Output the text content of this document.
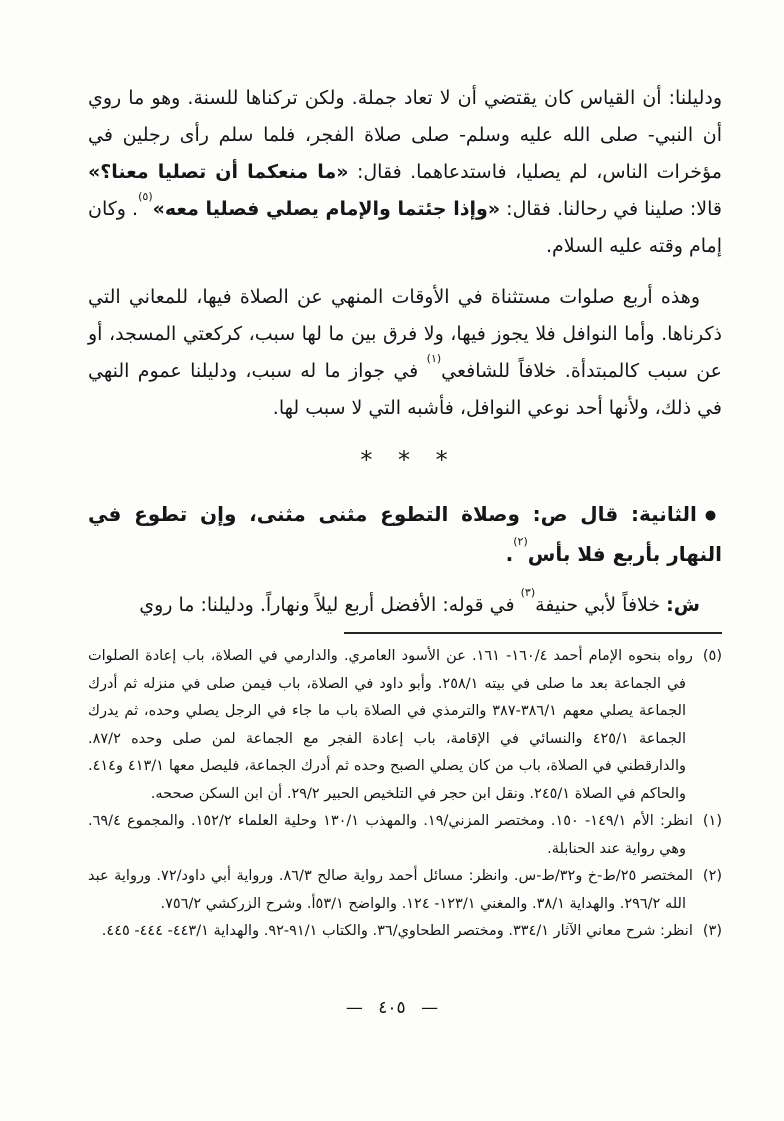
ودليلنا: أن القياس كان يقتضي أن لا تعاد جملة. ولكن تركناها للسنة. وهو ما روي أن النبي- صلى الله عليه وسلم- صلى صلاة الفجر، فلما سلم رأى رجلين في مؤخرات الناس، لم يصليا، فاستدعاهما. فقال: «ما منعكما أن تصليا معنا؟» قالا: صلينا في رحالنا. فقال: «وإذا جئتما والإمام يصلي فصليا معه»$^{(٥)}$. وكان إمام وقته عليه السلام.

وهذه أربع صلوات مستثناة في الأوقات المنهي عن الصلاة فيها، للمعاني التي ذكرناها. وأما النوافل فلا يجوز فيها، ولا فرق بين ما لها سبب، كركعتي المسجد، أو عن سبب كالمبتدأة. خلافاً للشافعي$^{(١)}$ في جواز ما له سبب، ودليلنا عموم النهي في ذلك، ولأنها أحد نوعي النوافل، فأشبه التي لا سبب لها.

* * *

●الثانية: قال ص: وصلاة التطوع مثنى مثنى، وإن تطوع في النهار بأربع فلا بأس$^{(٢)}$.

ش: خلافاً لأبي حنيفة$^{(٣)}$ في قوله: الأفضل أربع ليلاً ونهاراً. ودليلنا: ما روي

(٥)رواه بنحوه الإمام أحمد ١٦٠/٤- ١٦١. عن الأسود العامري. والدارمي في الصلاة، باب إعادة الصلوات في الجماعة بعد ما صلى في بيته ٢٥٨/١. وأبو داود في الصلاة، باب فيمن صلى في منزله ثم أدرك الجماعة يصلي معهم ٣٨٦/١-٣٨٧ والترمذي في الصلاة باب ما جاء في الرجل يصلي وحده، ثم يدرك الجماعة ٤٢٥/١ والنسائي في الإقامة، باب إعادة الفجر مع الجماعة لمن صلى وحده ٨٧/٢. والدارقطني في الصلاة، باب من كان يصلي الصبح وحده ثم أدرك الجماعة، فليصل معها ٤١٣/١ و٤١٤. والحاكم في الصلاة ٢٤٥/١. ونقل ابن حجر في التلخيص الحبير ٢٩/٢. أن ابن السكن صححه.

(١)انظر: الأم ١٤٩/١- ١٥٠. ومختصر المزني/١٩. والمهذب ١٣٠/١ وحلية العلماء ١٥٢/٢. والمجموع ٦٩/٤. وهي رواية عند الحنابلة.

(٢)المختصر ٢٥/ط-خ و٣٢/ط-س. وانظر: مسائل أحمد رواية صالح ٨٦/٣. ورواية أبي داود/٧٢. ورواية عبد الله ٢٩٦/٢. والهداية ٣٨/١. والمغني ١٢٣/١- ١٢٤. والواضح ٥٣/١أ. وشرح الزركشي ٧٥٦/٢.

(٣)انظر: شرح معاني الآثار ٣٣٤/١. ومختصر الطحاوي/٣٦. والكتاب ٩١/١-٩٢. والهداية ٤٤٣/١- ٤٤٤- ٤٤٥.

— ٤٠٥ —
